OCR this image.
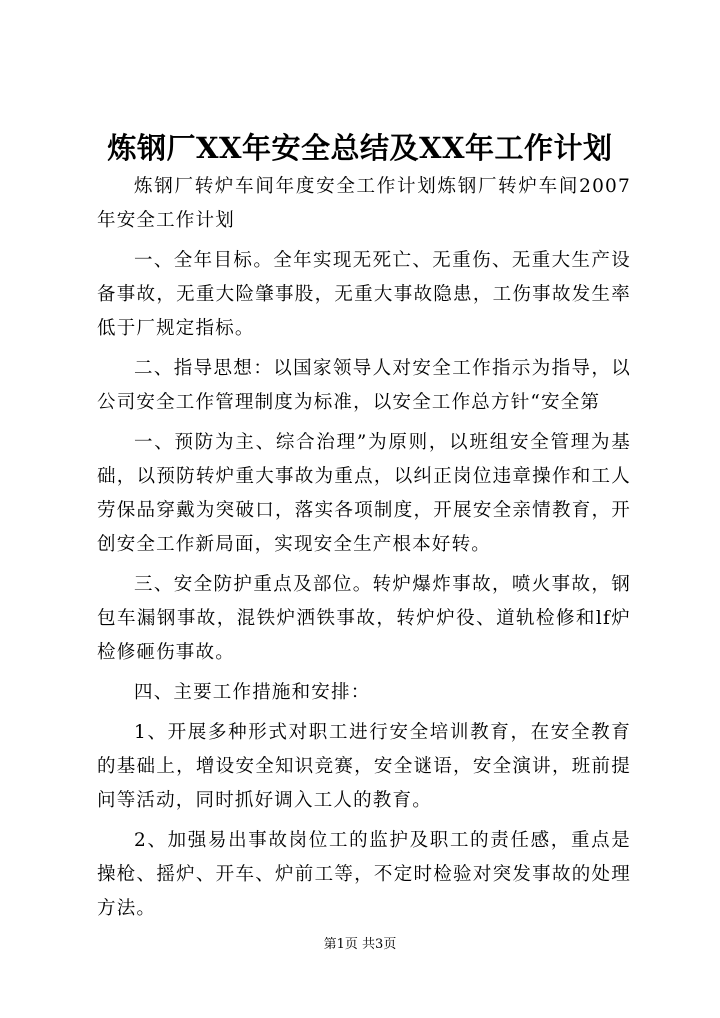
炼钢厂XX年安全总结及XX年工作计划

炼钢厂转炉车间年度安全工作计划炼钢厂转炉车间2007年安全工作计划

一、全年目标。全年实现无死亡、无重伤、无重大生产设备事故，无重大险肇事股，无重大事故隐患，工伤事故发生率低于厂规定指标。

二、指导思想：以国家领导人对安全工作指示为指导，以公司安全工作管理制度为标准，以安全工作总方针“安全第

一、预防为主、综合治理”为原则，以班组安全管理为基础，以预防转炉重大事故为重点，以纠正岗位违章操作和工人劳保品穿戴为突破口，落实各项制度，开展安全亲情教育，开创安全工作新局面，实现安全生产根本好转。

三、安全防护重点及部位。转炉爆炸事故，喷火事故，钢包车漏钢事故，混铁炉洒铁事故，转炉炉役、道轨检修和lf炉检修砸伤事故。

四、主要工作措施和安排：

1、开展多种形式对职工进行安全培训教育，在安全教育的基础上，增设安全知识竞赛，安全谜语，安全演讲，班前提问等活动，同时抓好调入工人的教育。

2、加强易出事故岗位工的监护及职工的责任感，重点是操枪、摇炉、开车、炉前工等，不定时检验对突发事故的处理方法。

第1页 共3页
